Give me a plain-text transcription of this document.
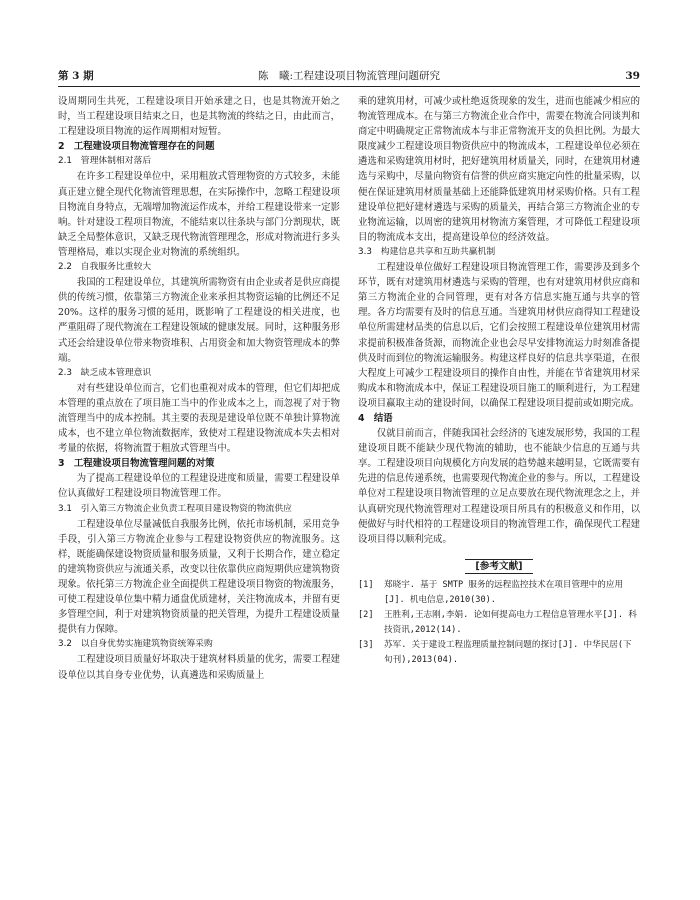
第 3 期	陈　曦:工程建设项目物流管理问题研究	39

设周期同生共死，工程建设项目开始承建之日，也是其物流开始之时，当工程建设项目结束之日，也是其物流的终结之日，由此而言，工程建设项目物流的运作周期相对短暂。

2　工程建设项目物流管理存在的问题

2.1　管理体制相对落后

在许多工程建设单位中，采用粗放式管理物资的方式较多，未能真正建立健全现代化物流管理思想，在实际操作中，忽略工程建设项目物流自身特点，无端增加物流运作成本，并给工程建设带来一定影响。针对建设工程项目物流，不能结束以往条块与部门分割现状，既缺乏全局整体意识，又缺乏现代物流管理理念，形成对物流进行多头管理格局，难以实现企业对物流的系统组织。

2.2　自我服务比重较大

我国的工程建设单位，其建筑所需物资有由企业或者是供应商提供的传统习惯，依靠第三方物流企业来承担其物资运输的比例还不足 20%。这样的服务习惯的延用，既影响了工程建设的相关进度，也严重阻碍了现代物流在工程建设领域的健康发展。同时，这种服务形式还会给建设单位带来物资堆积、占用资金和加大物资管理成本的弊端。

2.3　缺乏成本管理意识

对有些建设单位而言，它们也重视对成本的管理，但它们却把成本管理的重点放在了项目施工当中的作业成本之上，而忽视了对于物流管理当中的成本控制。其主要的表现是建设单位既不单独计算物流成本，也不建立单位物流数据库，致使对工程建设物流成本失去相对考量的依据，将物流置于粗放式管理当中。

3　工程建设项目物流管理问题的对策

为了提高工程建设单位的工程建设进度和质量，需要工程建设单位认真做好工程建设项目物流管理工作。

3.1　引入第三方物流企业负责工程项目建设物资的物流供应

工程建设单位尽量减低自我服务比例，依托市场机制，采用竞争手段，引入第三方物流企业参与工程建设物资供应的物流服务。这样，既能确保建设物资质量和服务质量，又利于长期合作，建立稳定的建筑物资供应与流通关系，改变以往依靠供应商短期供应建筑物资现象。依托第三方物流企业全面提供工程建设项目物资的物流服务，可使工程建设单位集中精力通盘优质建材，关注物流成本，并留有更多管理空间，利于对建筑物资质量的把关管理，为提升工程建设质量提供有力保障。

3.2　以自身优势实施建筑物资统筹采购

工程建设项目质量好坏取决于建筑材料质量的优劣，需要工程建设单位以其自身专业优势，认真遴选和采购质量上

乘的建筑用材，可减少或杜绝返货现象的发生，进而也能减少相应的物流管理成本。在与第三方物流企业合作中，需要在物流合同谈判和商定中明确规定正常物流成本与非正常物流开支的负担比例。为最大限度减少工程建设项目物资供应中的物流成本，工程建设单位必须在遴选和采购建筑用材时，把好建筑用材质量关，同时，在建筑用材遴选与采购中，尽量向物资有信誉的供应商实施定向性的批量采购，以便在保证建筑用材质量基础上还能降低建筑用材采购价格。只有工程建设单位把好建材遴选与采购的质量关，再结合第三方物流企业的专业物流运输，以周密的建筑用材物流方案管理，才可降低工程建设项目的物流成本支出，提高建设单位的经济效益。

3.3　构建信息共享和互助共赢机制

工程建设单位做好工程建设项目物流管理工作，需要涉及到多个环节，既有对建筑用材遴选与采购的管理，也有对建筑用材供应商和第三方物流企业的合同管理，更有对各方信息实施互通与共享的管理。各方均需要有及时的信息互通。当建筑用材供应商得知工程建设单位所需建材品类的信息以后，它们会按照工程建设单位建筑用材需求提前积极准备货源，而物流企业也会尽早安排物流运力时刻准备提供及时而到位的物流运输服务。构建这样良好的信息共享渠道，在很大程度上可减少工程建设项目的操作自由性，并能在节省建筑用材采购成本和物流成本中，保证工程建设项目施工的顺利进行，为工程建设项目赢取主动的建设时间，以确保工程建设项目提前或如期完成。

4　结语

仅就目前而言，伴随我国社会经济的飞速发展形势，我国的工程建设项目既不能缺少现代物流的辅助，也不能缺少信息的互通与共享。工程建设项目向规模化方向发展的趋势越来越明显，它既需要有先进的信息传递系统，也需要现代物流企业的参与。所以，工程建设单位对工程建设项目物流管理的立足点要放在现代物流理念之上，并认真研究现代物流管理对工程建设项目所具有的积极意义和作用，以便做好与时代相符的工程建设项目的物流管理工作，确保现代工程建设项目得以顺利完成。

[参考文献]
[1]	郑晓宇. 基于 SMTP 服务的远程监控技术在项目管理中的应用[J]. 机电信息,2010(30).
[2]	王胜利,王志刚,李娟. 论如何提高电力工程信息管理水平[J]. 科技资讯,2012(14).
[3]	苏军. 关于建设工程监理质量控制问题的探讨[J]. 中华民居(下旬刊),2013(04).
